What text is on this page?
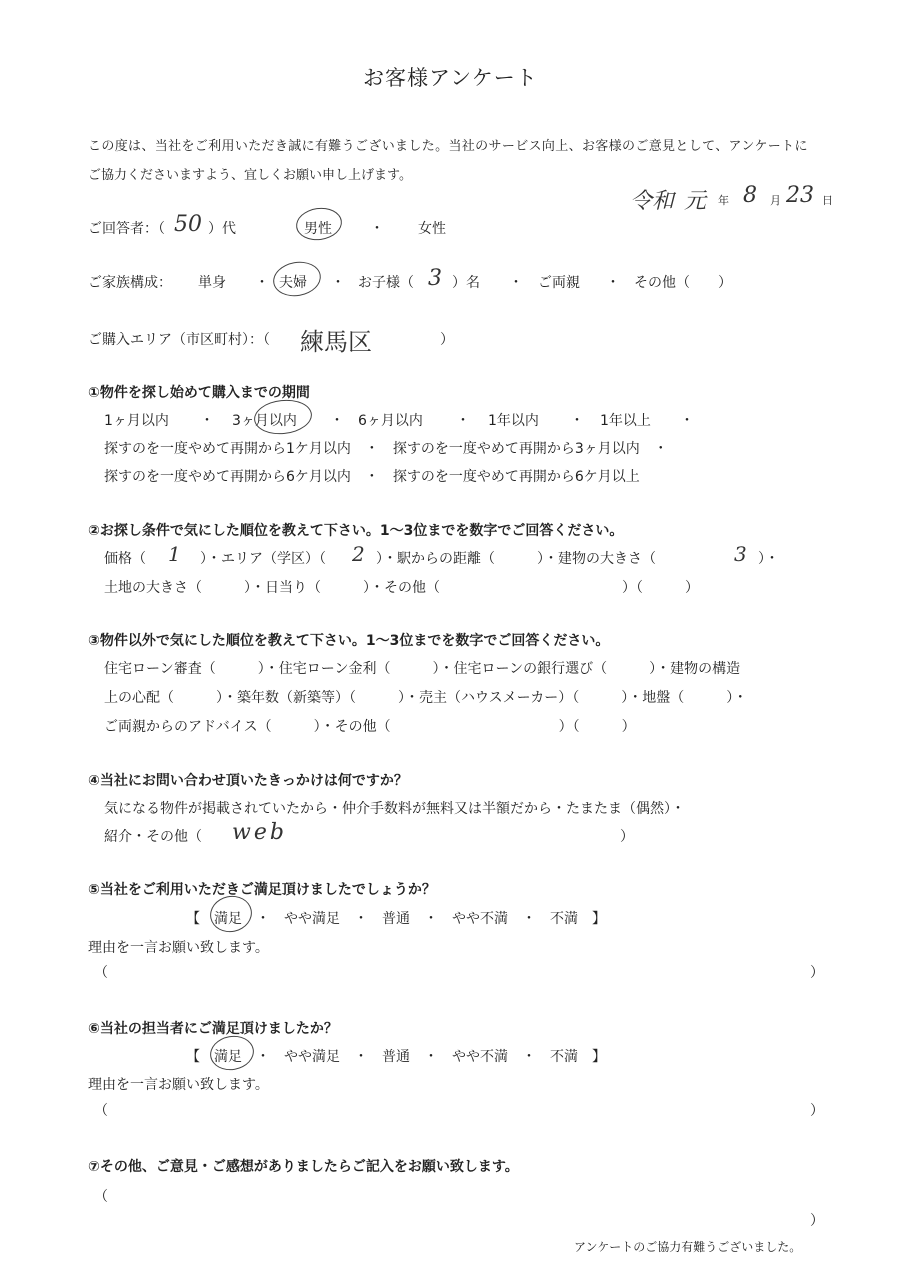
お客様アンケート
この度は、当社をご利用いただき誠に有難うございました。当社のサービス向上、お客様のご意見として、アンケートに
ご協力くださいますよう、宜しくお願い申し上げます。
令和 元 年 8 月 23 日
ご回答者：（ 50 ）代	男性	・ 女性
ご家族構成： 単身 ・ 夫婦 ・ お子様（ 3 ）名 ・ ご両親 ・ その他（　　）
ご購入エリア（市区町村）：（ 練馬区	）
①物件を探し始めて購入までの期間
1ヶ月以内 ・ 3ヶ月以内 ・ 6ヶ月以内 ・ 1年以内 ・ 1年以上 ・
探すのを一度やめて再開から1ケ月以内　・　探すのを一度やめて再開から3ヶ月以内　・
探すのを一度やめて再開から6ケ月以内　・　探すのを一度やめて再開から6ケ月以上
②お探し条件で気にした順位を教えて下さい。1～3位までを数字でご回答ください。
価格（ 1 ）・エリア（学区）（ 2 ）・駅からの距離（　　　）・建物の大きさ（	3 ）・
土地の大きさ（　　　）・日当り（　　　）・その他（　　　　　　　　　　　　　）（　　　）
③物件以外で気にした順位を教えて下さい。1～3位までを数字でご回答ください。
住宅ローン審査（　　　）・住宅ローン金利（　　　）・住宅ローンの銀行選び（　　　）・建物の構造
上の心配（　　　）・築年数（新築等）（　　　）・売主（ハウスメーカー）（　　　）・地盤（　　　）・
ご両親からのアドバイス（　　　）・その他（　　　　　　　　　　　　）（　　　）
④当社にお問い合わせ頂いたきっかけは何ですか？
気になる物件が掲載されていたから・仲介手数料が無料又は半額だから・たまたま（偶然）・
紹介・その他（ web	）
⑤当社をご利用いただきご満足頂けましたでしょうか？
【　満足　・　やや満足　・　普通　・　やや不満　・　不満　】
理由を一言お願い致します。
（	）
⑥当社の担当者にご満足頂けましたか？
【　満足　・　やや満足　・　普通　・　やや不満　・　不満　】
理由を一言お願い致します。
（	）
⑦その他、ご意見・ご感想がありましたらご記入をお願い致します。
（
）
アンケートのご協力有難うございました。
